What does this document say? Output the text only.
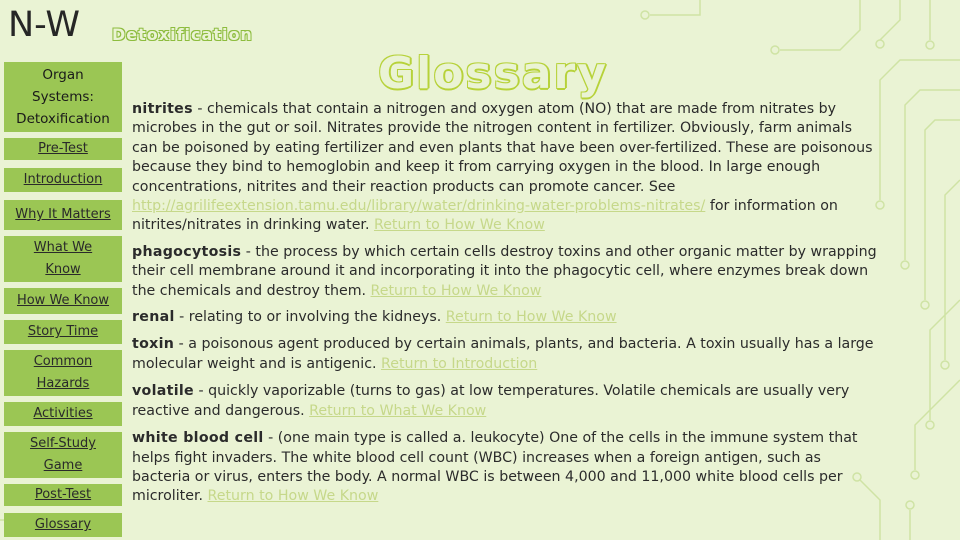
N-W Detoxification
Glossary
Organ
Systems:
Detoxification
Pre-Test
Introduction
Why It Matters
What We
Know
How We Know
Story Time
Common
Hazards
Activities
Self-Study
Game
Post-Test
Glossary

nitrites - chemicals that contain a nitrogen and oxygen atom (NO) that are made from nitrates by microbes in the gut or soil. Nitrates provide the nitrogen content in fertilizer. Obviously, farm animals can be poisoned by eating fertilizer and even plants that have been over-fertilized. These are poisonous because they bind to hemoglobin and keep it from carrying oxygen in the blood. In large enough concentrations, nitrites and their reaction products can promote cancer. See http://agrilifeextension.tamu.edu/library/water/drinking-water-problems-nitrates/ for information on nitrites/nitrates in drinking water. Return to How We Know

phagocytosis - the process by which certain cells destroy toxins and other organic matter by wrapping their cell membrane around it and incorporating it into the phagocytic cell, where enzymes break down the chemicals and destroy them. Return to How We Know

renal - relating to or involving the kidneys. Return to How We Know

toxin - a poisonous agent produced by certain animals, plants, and bacteria. A toxin usually has a large molecular weight and is antigenic. Return to Introduction

volatile - quickly vaporizable (turns to gas) at low temperatures. Volatile chemicals are usually very reactive and dangerous. Return to What We Know

white blood cell - (one main type is called a. leukocyte) One of the cells in the immune system that helps fight invaders. The white blood cell count (WBC) increases when a foreign antigen, such as bacteria or virus, enters the body. A normal WBC is between 4,000 and 11,000 white blood cells per microliter. Return to How We Know
